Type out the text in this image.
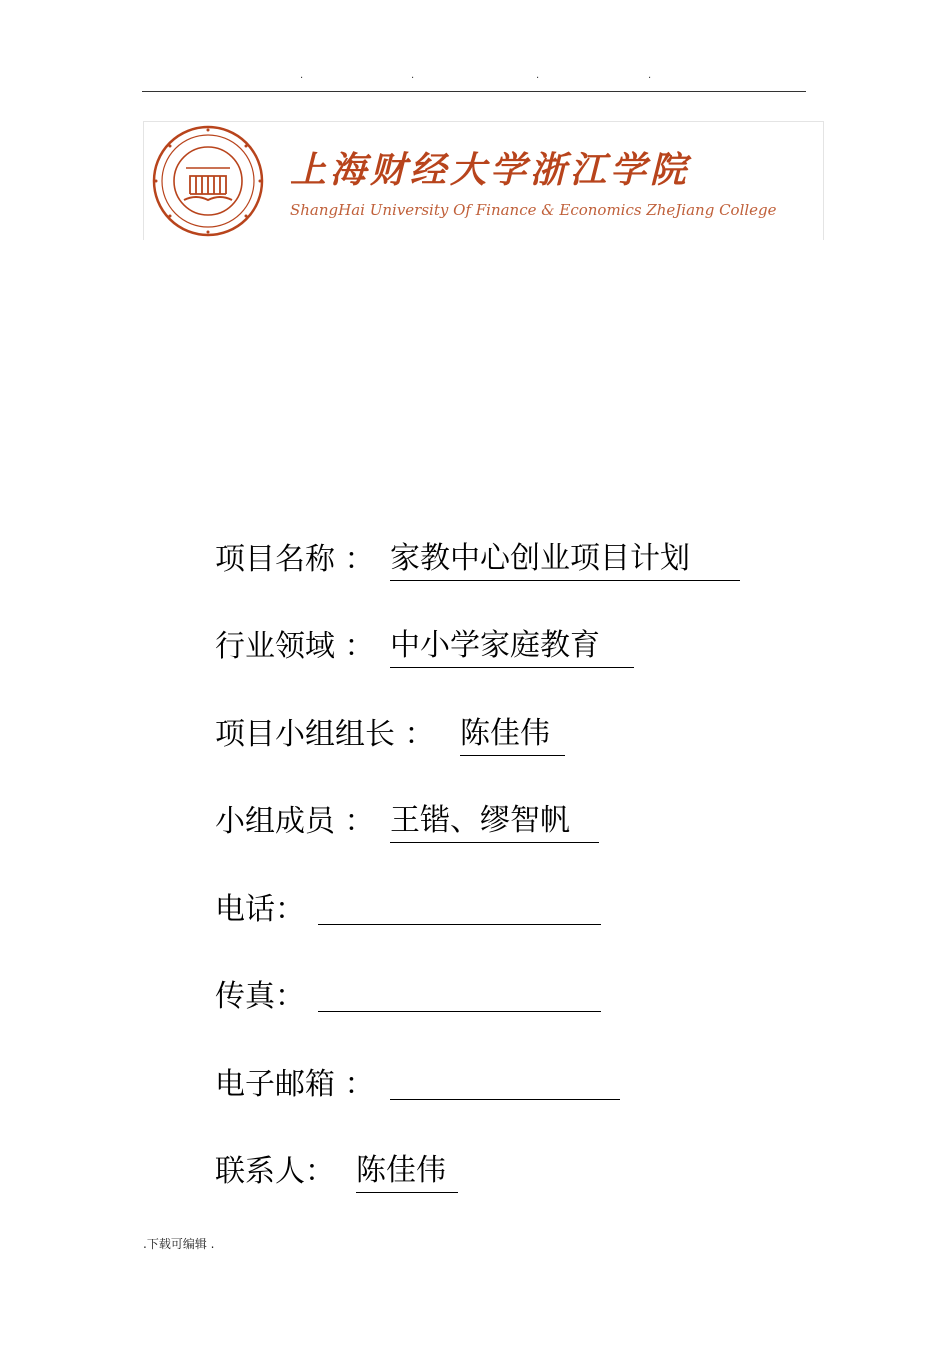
.	.	.	.
上海财经大学浙江学院
ShangHai University Of Finance & Economics ZheJiang College
项目名称 ： 家教中心创业项目计划
行业领域 ： 中小学家庭教育
项目小组组长 ： 陈佳伟
小组成员 ： 王锴、缪智帆
电话：
传真：
电子邮箱 ：
联系人： 陈佳伟
.下载可编辑 .
